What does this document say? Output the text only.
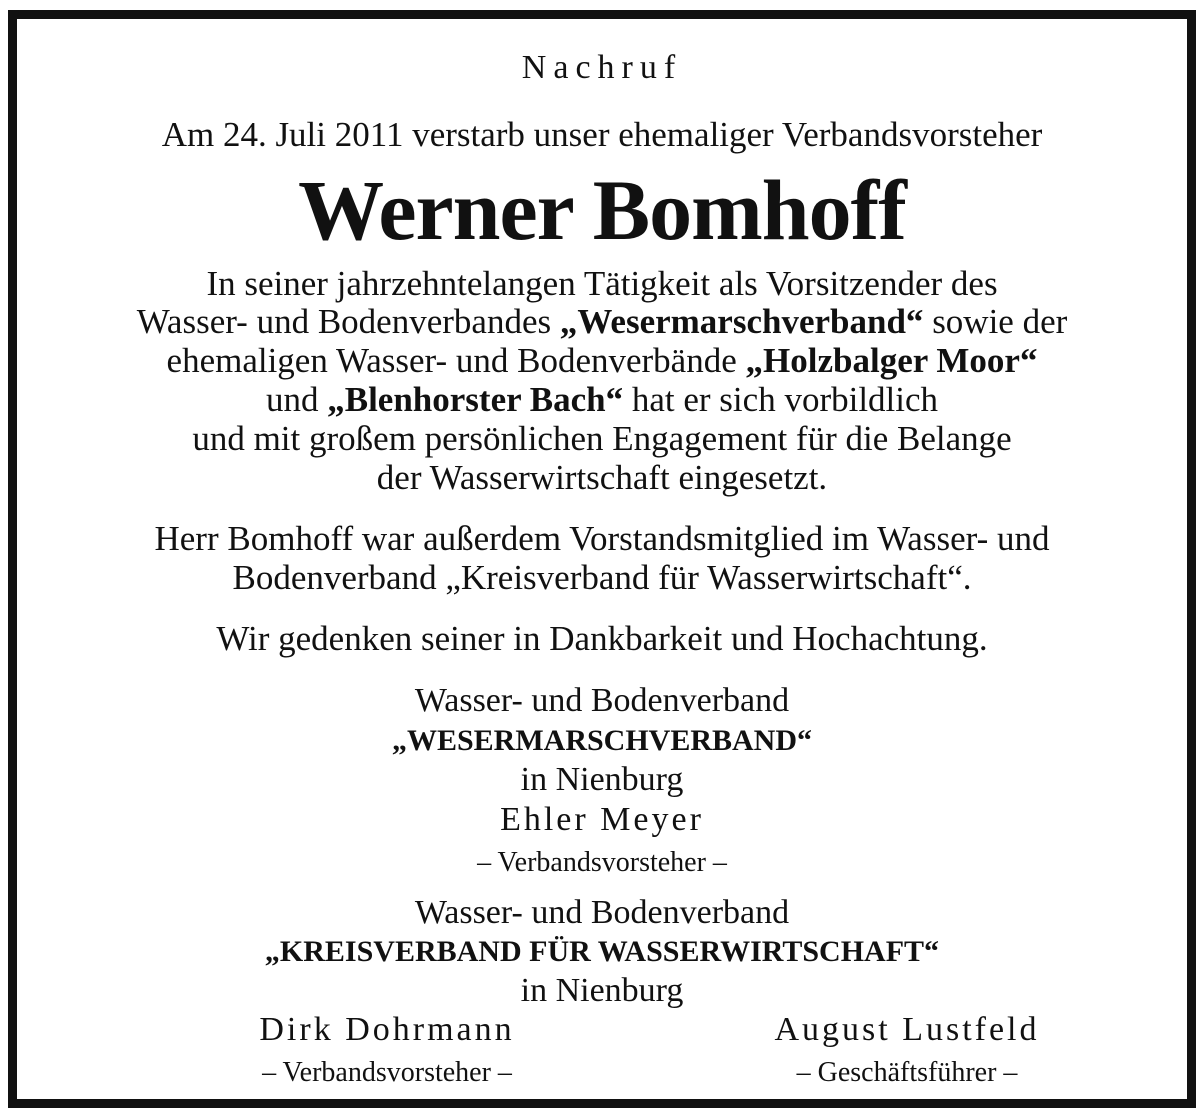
Nachruf
Am 24. Juli 2011 verstarb unser ehemaliger Verbandsvorsteher
Werner Bomhoff
In seiner jahrzehntelangen Tätigkeit als Vorsitzender des
Wasser- und Bodenverbandes „Wesermarschverband“ sowie der
ehemaligen Wasser- und Bodenverbände „Holzbalger Moor“
und „Blenhorster Bach“ hat er sich vorbildlich
und mit großem persönlichen Engagement für die Belange
der Wasserwirtschaft eingesetzt.
Herr Bomhoff war außerdem Vorstandsmitglied im Wasser- und
Bodenverband „Kreisverband für Wasserwirtschaft“.
Wir gedenken seiner in Dankbarkeit und Hochachtung.
Wasser- und Bodenverband
„WESERMARSCHVERBAND“
in Nienburg
Ehler Meyer
– Verbandsvorsteher –
Wasser- und Bodenverband
„KREISVERBAND FÜR WASSERWIRTSCHAFT“
in Nienburg
Dirk Dohrmann
– Verbandsvorsteher –
August Lustfeld
– Geschäftsführer –
